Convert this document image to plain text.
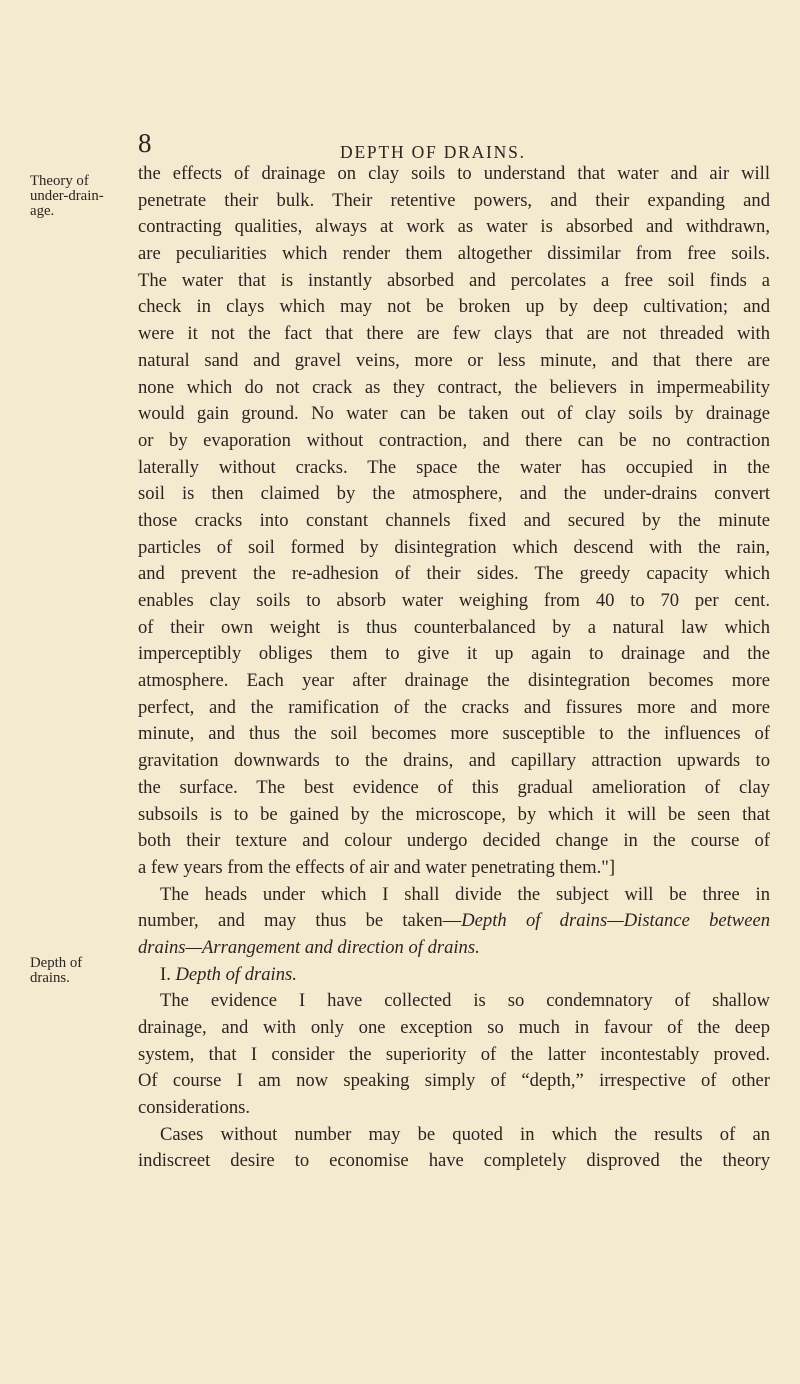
8	DEPTH OF DRAINS.
Theory of
under-drain-
age.
Depth of
drains.
the effects of drainage on clay soils to understand that water and air will
penetrate their bulk. Their retentive powers, and their expanding and
contracting qualities, always at work as water is absorbed and withdrawn,
are peculiarities which render them altogether dissimilar from free soils.
The water that is instantly absorbed and percolates a free soil finds a
check in clays which may not be broken up by deep cultivation; and
were it not the fact that there are few clays that are not threaded with
natural sand and gravel veins, more or less minute, and that there are
none which do not crack as they contract, the believers in impermeability
would gain ground. No water can be taken out of clay soils by drainage
or by evaporation without contraction, and there can be no contraction
laterally without cracks. The space the water has occupied in the
soil is then claimed by the atmosphere, and the under-drains convert
those cracks into constant channels fixed and secured by the minute
particles of soil formed by disintegration which descend with the rain,
and prevent the re-adhesion of their sides. The greedy capacity which
enables clay soils to absorb water weighing from 40 to 70 per cent.
of their own weight is thus counterbalanced by a natural law which
imperceptibly obliges them to give it up again to drainage and the
atmosphere. Each year after drainage the disintegration becomes more
perfect, and the ramification of the cracks and fissures more and more
minute, and thus the soil becomes more susceptible to the influences of
gravitation downwards to the drains, and capillary attraction upwards to
the surface. The best evidence of this gradual amelioration of clay
subsoils is to be gained by the microscope, by which it will be seen that
both their texture and colour undergo decided change in the course of
a few years from the effects of air and water penetrating them."]
The heads under which I shall divide the subject will be three in
number, and may thus be taken—Depth of drains—Distance between
drains—Arrangement and direction of drains.
I. Depth of drains.
The evidence I have collected is so condemnatory of shallow
drainage, and with only one exception so much in favour of the deep
system, that I consider the superiority of the latter incontestably proved.
Of course I am now speaking simply of “depth,” irrespective of other
considerations.
Cases without number may be quoted in which the results of an
indiscreet desire to economise have completely disproved the theory
